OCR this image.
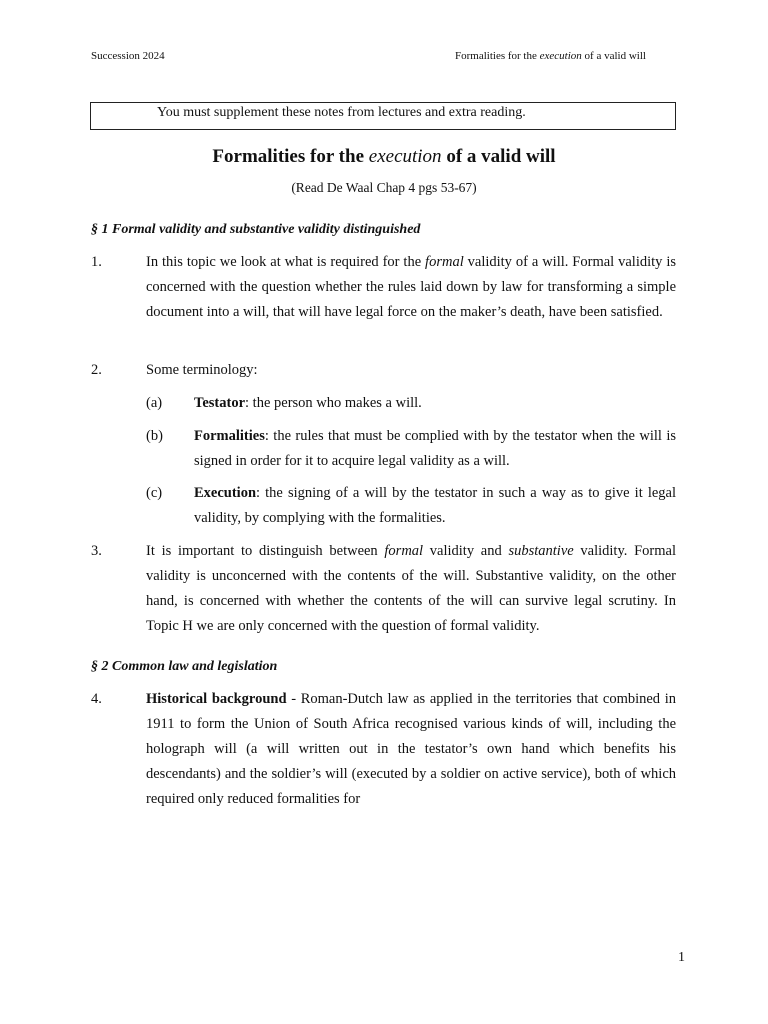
Succession 2024	Formalities for the execution of a valid will
You must supplement these notes from lectures and extra reading.
Formalities for the execution of a valid will
(Read De Waal Chap 4 pgs 53-67)
§ 1 Formal validity and substantive validity distinguished
1.	In this topic we look at what is required for the formal validity of a will. Formal validity is concerned with the question whether the rules laid down by law for transforming a simple document into a will, that will have legal force on the maker’s death, have been satisfied.
2.	Some terminology:
(a) Testator: the person who makes a will.
(b) Formalities: the rules that must be complied with by the testator when the will is signed in order for it to acquire legal validity as a will.
(c) Execution: the signing of a will by the testator in such a way as to give it legal validity, by complying with the formalities.
3.	It is important to distinguish between formal validity and substantive validity. Formal validity is unconcerned with the contents of the will. Substantive validity, on the other hand, is concerned with whether the contents of the will can survive legal scrutiny. In Topic H we are only concerned with the question of formal validity.
§ 2 Common law and legislation
4.	Historical background - Roman-Dutch law as applied in the territories that combined in 1911 to form the Union of South Africa recognised various kinds of will, including the holograph will (a will written out in the testator’s own hand which benefits his descendants) and the soldier’s will (executed by a soldier on active service), both of which required only reduced formalities for
1
